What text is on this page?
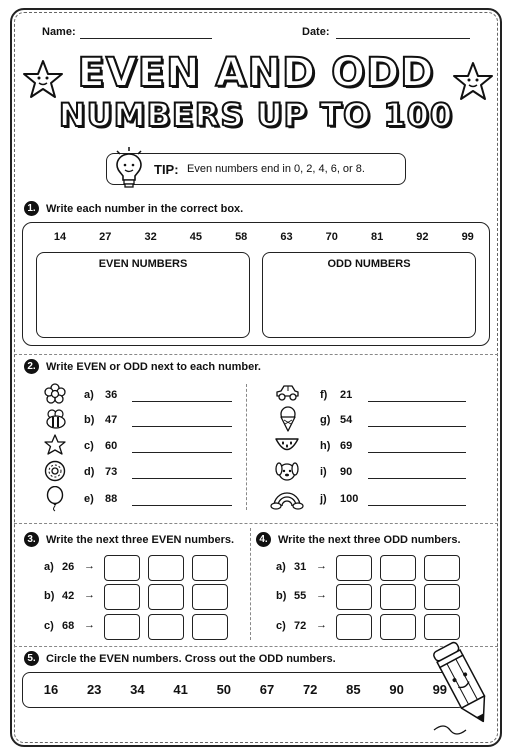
Name:	Date:
EVEN AND ODD
NUMBERS UP TO 100
TIP: Even numbers end in 0, 2, 4, 6, or 8.
1. Write each number in the correct box.
14	27	32	45	58	63	70	81	92	99
EVEN NUMBERS	ODD NUMBERS
2. Write EVEN or ODD next to each number.
a) 36
b) 47
c) 60
d) 73
e) 88
f) 21
g) 54
h) 69
i) 90
j) 100
3. Write the next three EVEN numbers.	4. Write the next three ODD numbers.
a) 26 →
b) 42 →
c) 68 →
a) 31 →
b) 55 →
c) 72 →
5. Circle the EVEN numbers. Cross out the ODD numbers.
16	23	34	41	50	67	72	85	90	99
